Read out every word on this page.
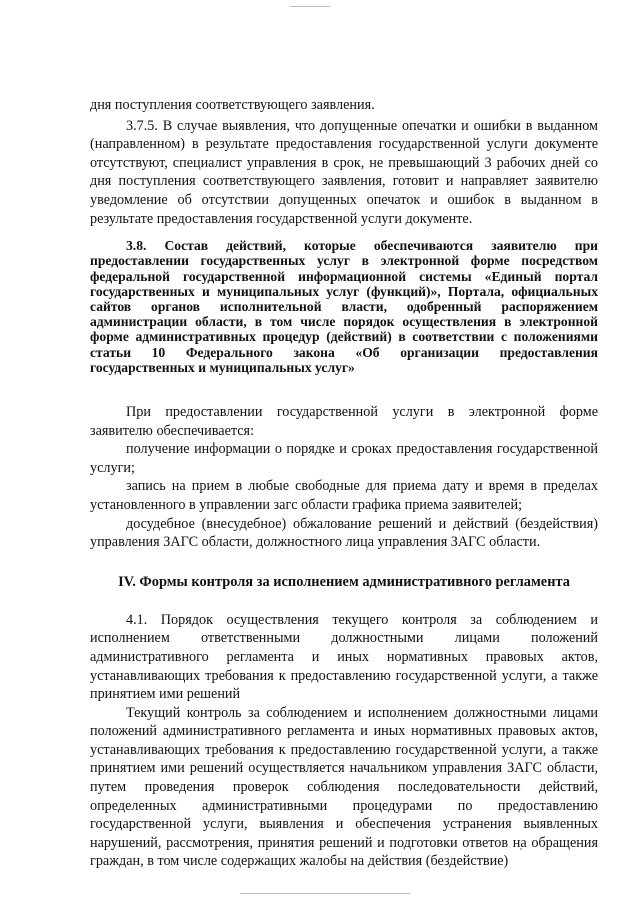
дня поступления соответствующего заявления.

3.7.5. В случае выявления, что допущенные опечатки и ошибки в выданном (направленном) в результате предоставления государственной услуги документе отсутствуют, специалист управления в срок, не превышающий 3 рабочих дней со дня поступления соответствующего заявления, готовит и направляет заявителю уведомление об отсутствии допущенных опечаток и ошибок в выданном в результате предоставления государственной услуги документе.

3.8. Состав действий, которые обеспечиваются заявителю при предоставлении государственных услуг в электронной форме посредством федеральной государственной информационной системы «Единый портал государственных и муниципальных услуг (функций)», Портала, официальных сайтов органов исполнительной власти, одобренный распоряжением администрации области, в том числе порядок осуществления в электронной форме административных процедур (действий) в соответствии с положениями статьи 10 Федерального закона «Об организации предоставления государственных и муниципальных услуг»

При предоставлении государственной услуги в электронной форме заявителю обеспечивается:

получение информации о порядке и сроках предоставления государственной услуги;

запись на прием в любые свободные для приема дату и время в пределах установленного в управлении загс области графика приема заявителей;

досудебное (внесудебное) обжалование решений и действий (бездействия) управления ЗАГС области, должностного лица управления ЗАГС области.

IV. Формы контроля за исполнением административного регламента

4.1. Порядок осуществления текущего контроля за соблюдением и исполнением ответственными должностными лицами положений административного регламента и иных нормативных правовых актов, устанавливающих требования к предоставлению государственной услуги, а также принятием ими решений

Текущий контроль за соблюдением и исполнением должностными лицами положений административного регламента и иных нормативных правовых актов, устанавливающих требования к предоставлению государственной услуги, а также принятием ими решений осуществляется начальником управления ЗАГС области, путем проведения проверок соблюдения последовательности действий, определенных административными процедурами по предоставлению государственной услуги, выявления и обеспечения устранения выявленных нарушений, рассмотрения, принятия решений и подготовки ответов на обращения граждан, в том числе содержащих жалобы на действия (бездействие)
